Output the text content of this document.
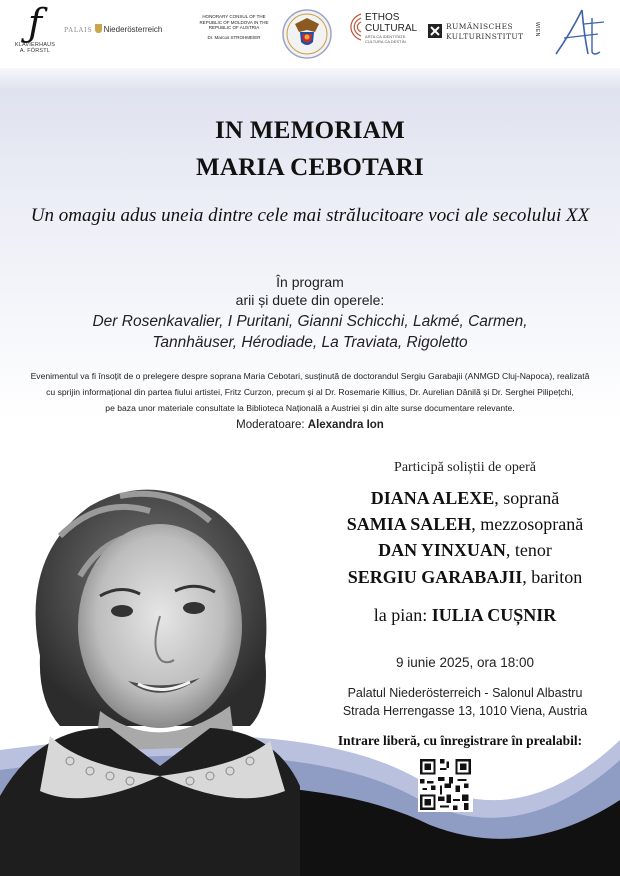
ƒ
KLAVIERHAUS
A. FÖRSTL
PALAIS Niederösterreich
HONORARY CONSUL OF THE
REPUBLIC OF MOLDOVA IN THE
REPUBLIC OF AUSTRIA
Dr. Marcus STROHMEIER
ETHOS
CULTURAL
ARTA CA IDENTITATE.
CULTURA CA DESTIN.
RUMÄNISCHES
KULTURINSTITUT	WIEN
IN MEMORIAM
MARIA CEBOTARI
Un omagiu adus uneia dintre cele mai strălucitoare voci ale secolului XX
În program
arii și duete din operele:
Der Rosenkavalier, I Puritani, Gianni Schicchi, Lakmé, Carmen,
Tannhäuser, Hérodiade, La Traviata, Rigoletto
Evenimentul va fi însoțit de o prelegere despre soprana Maria Cebotari, susținută de doctorandul Sergiu Garabajii (ANMGD Cluj-Napoca), realizată
cu sprijin informațional din partea fiului artistei, Fritz Curzon, precum și al Dr. Rosemarie Killius, Dr. Aurelian Dănilă și Dr. Serghei Pilipețchi,
pe baza unor materiale consultate la Biblioteca Națională a Austriei și din alte surse documentare relevante.
Moderatoare: Alexandra Ion
Participă soliștii de operă
DIANA ALEXE, soprană
SAMIA SALEH, mezzosoprană
DAN YINXUAN, tenor
SERGIU GARABAJII, bariton
la pian: IULIA CUȘNIR
9 iunie 2025, ora 18:00
Palatul Niederösterreich - Salonul Albastru
Strada Herrengasse 13, 1010 Viena, Austria
Intrare liberă, cu înregistrare în prealabil:
